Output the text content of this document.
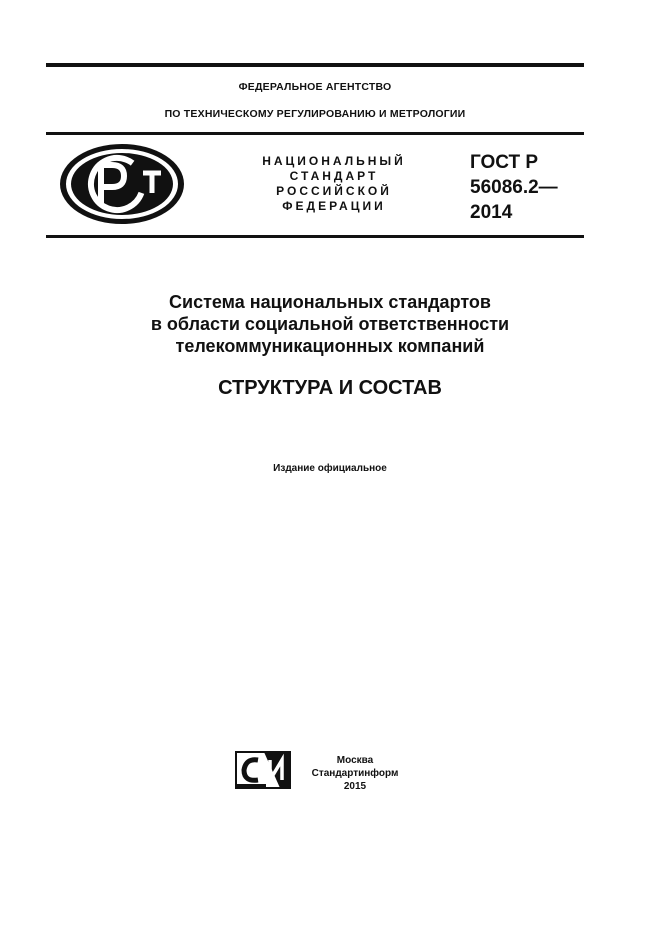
ФЕДЕРАЛЬНОЕ АГЕНТСТВО
ПО ТЕХНИЧЕСКОМУ РЕГУЛИРОВАНИЮ И МЕТРОЛОГИИ
НАЦИОНАЛЬНЫЙ
СТАНДАРТ
РОССИЙСКОЙ
ФЕДЕРАЦИИ
ГОСТ Р
56086.2—
2014
Система национальных стандартов
в области социальной ответственности
телекоммуникационных компаний
СТРУКТУРА И СОСТАВ
Издание официальное
Москва
Стандартинформ
2015
